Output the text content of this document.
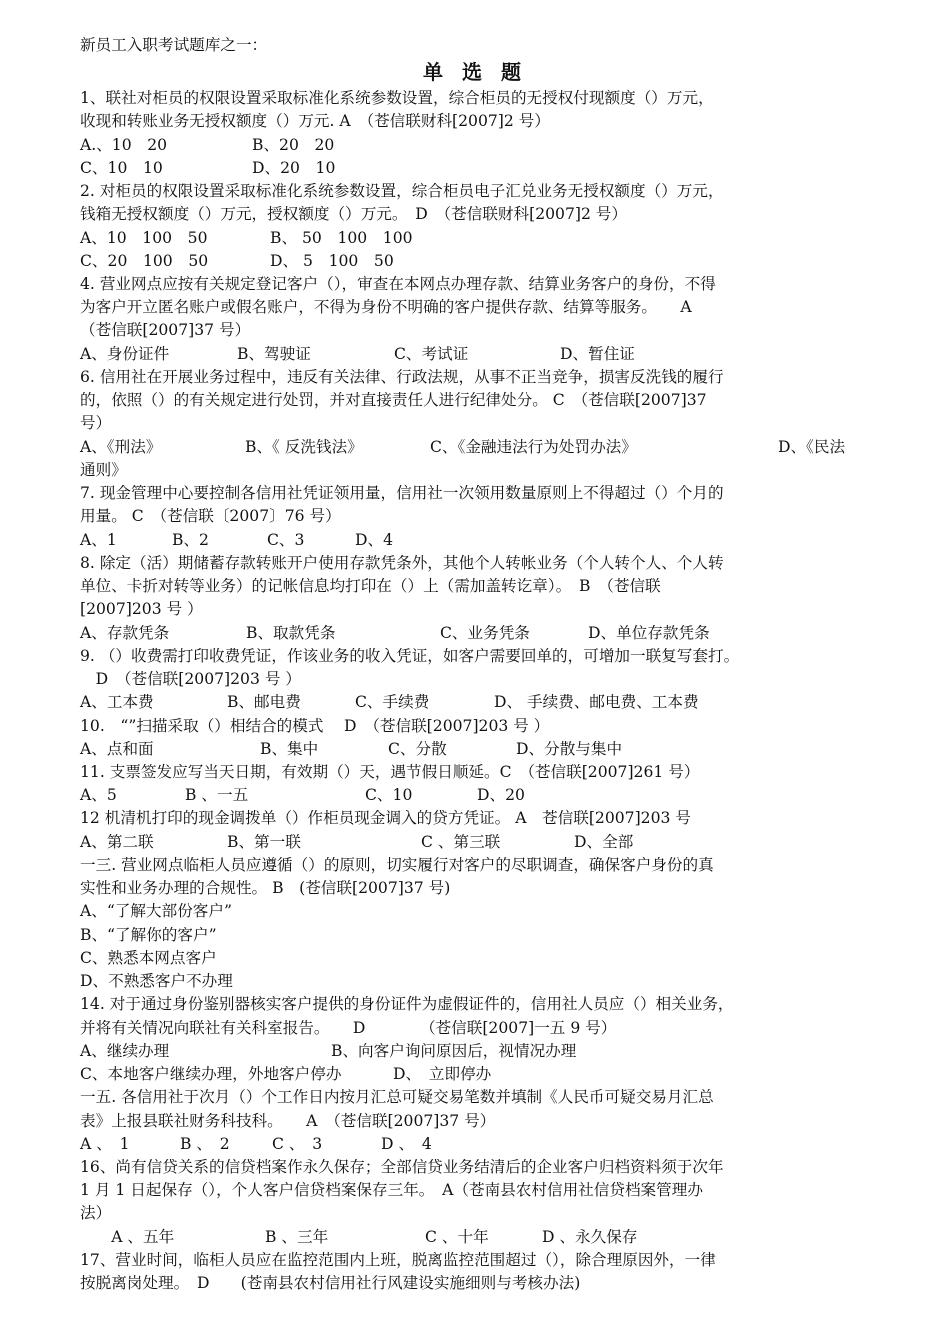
新员工入职考试题库之一：
单 选 题
1、联社对柜员的权限设置采取标准化系统参数设置，综合柜员的无授权付现额度（）万元，
收现和转账业务无授权额度（）万元. A　（苍信联财科[2007]2 号）
A.、10　20	B、20　20
C、10　10	D、20　10
2. 对柜员的权限设置采取标准化系统参数设置，综合柜员电子汇兑业务无授权额度（）万元，
钱箱无授权额度（）万元，授权额度（）万元。　D　（苍信联财科[2007]2 号）
A、10　100　50	B、 50　100　100
C、20　100　50	D、 5　100　50
4. 营业网点应按有关规定登记客户（），审查在本网点办理存款、结算业务客户的身份，不得
为客户开立匿名账户或假名账户，不得为身份不明确的客户提供存款、结算等服务。　　A
（苍信联[2007]37 号）
A、身份证件	B、驾驶证	C、考试证	D、暂住证
6. 信用社在开展业务过程中，违反有关法律、行政法规，从事不正当竞争，损害反洗钱的履行
的，依照（）的有关规定进行处罚，并对直接责任人进行纪律处分。 C　（苍信联[2007]37
号）
A、《刑法》	B、《 反洗钱法》	C、《金融违法行为处罚办法》	D、《民法
通则》
7. 现金管理中心要控制各信用社凭证领用量，信用社一次领用数量原则上不得超过（）个月的
用量。 C　（苍信联〔2007〕76 号）
A、1	B、2	C、3	D、4
8. 除定（活）期储蓄存款转账开户使用存款凭条外，其他个人转帐业务（个人转个人、个人转
单位、卡折对转等业务）的记帐信息均打印在（）上（需加盖转讫章）。　B　（苍信联
[2007]203 号 ）
A、存款凭条	B、取款凭条	C、业务凭条	D、单位存款凭条
9. （）收费需打印收费凭证，作该业务的收入凭证，如客户需要回单的，可增加一联复写套打。
　D　（苍信联[2007]203 号 ）
A、工本费	B、邮电费	C、手续费	D、 手续费、邮电费、工本费
10.　“”扫描采取（）相结合的模式　 D　（苍信联[2007]203 号 ）
A、点和面	B、集中	C、分散	D、分散与集中
11. 支票签发应写当天日期，有效期（）天，遇节假日顺延。C　（苍信联[2007]261 号）
A、5	B 、一五	C、10	D、20
12 机清机打印的现金调拨单（）作柜员现金调入的贷方凭证。 A　苍信联[2007]203 号
A、第二联	B、第一联	C 、第三联	D、全部
一三. 营业网点临柜人员应遵循（）的原则，切实履行对客户的尽职调查，确保客户身份的真
实性和业务办理的合规性。 B　(苍信联[2007]37 号)
A、“了解大部份客户”
B、“了解你的客户”
C、熟悉本网点客户
D、不熟悉客户不办理
14. 对于通过身份鉴别器核实客户提供的身份证件为虚假证件的，信用社人员应（）相关业务，
并将有关情况向联社有关科室报告。　　D　　　　（苍信联[2007]一五 9 号）
A、继续办理	B、向客户询问原因后，视情况办理
C、本地客户继续办理，外地客户停办	D、　立即停办
一五. 各信用社于次月（）个工作日内按月汇总可疑交易笔数并填制《人民币可疑交易月汇总
表》上报县联社财务科技科。　　A　（苍信联[2007]37 号）
A 、　1	B 、　2	C 、　3	D 、　4
16、尚有信贷关系的信贷档案作永久保存；全部信贷业务结清后的企业客户归档资料须于次年
1 月 1 日起保存（），个人客户信贷档案保存三年。　A（苍南县农村信用社信贷档案管理办
法）
　　A 、五年	B 、三年	C 、十年	D 、永久保存
17、营业时间，临柜人员应在监控范围内上班，脱离监控范围超过（），除合理原因外，一律
按脱离岗处理。　D　　(苍南县农村信用社行风建设实施细则与考核办法)
